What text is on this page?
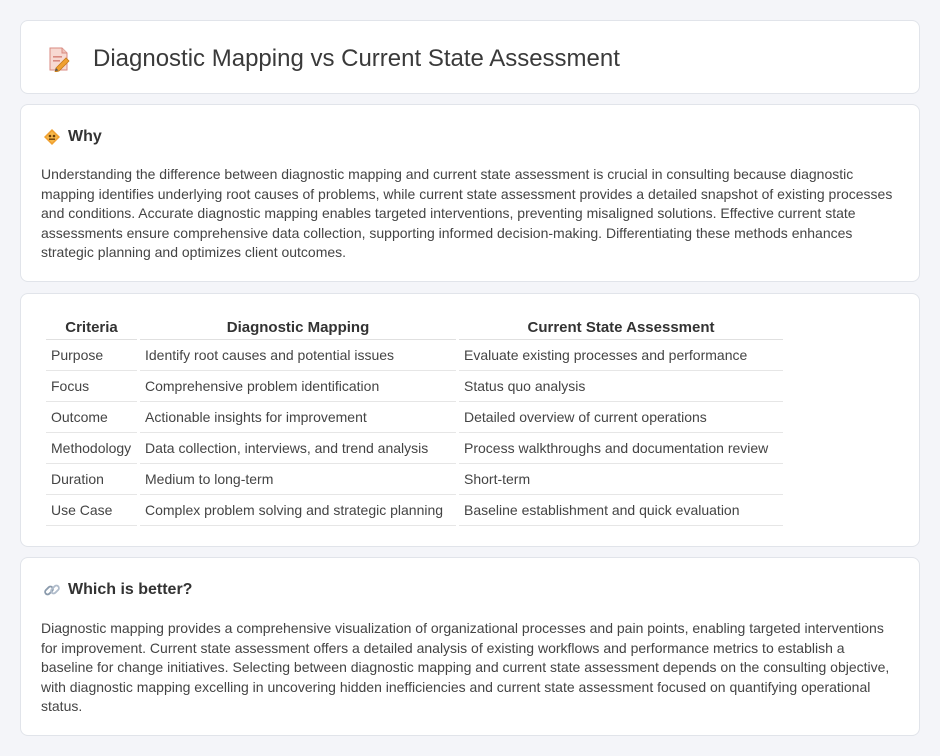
Diagnostic Mapping vs Current State Assessment
Why

Understanding the difference between diagnostic mapping and current state assessment is crucial in consulting because diagnostic mapping identifies underlying root causes of problems, while current state assessment provides a detailed snapshot of existing processes and conditions. Accurate diagnostic mapping enables targeted interventions, preventing misaligned solutions. Effective current state assessments ensure comprehensive data collection, supporting informed decision-making. Differentiating these methods enhances strategic planning and optimizes client outcomes.

Criteria	Diagnostic Mapping	Current State Assessment
Purpose	Identify root causes and potential issues	Evaluate existing processes and performance
Focus	Comprehensive problem identification	Status quo analysis
Outcome	Actionable insights for improvement	Detailed overview of current operations
Methodology	Data collection, interviews, and trend analysis	Process walkthroughs and documentation review
Duration	Medium to long-term	Short-term
Use Case	Complex problem solving and strategic planning	Baseline establishment and quick evaluation
Which is better?

Diagnostic mapping provides a comprehensive visualization of organizational processes and pain points, enabling targeted interventions for improvement. Current state assessment offers a detailed analysis of existing workflows and performance metrics to establish a baseline for change initiatives. Selecting between diagnostic mapping and current state assessment depends on the consulting objective, with diagnostic mapping excelling in uncovering hidden inefficiencies and current state assessment focused on quantifying operational status.
